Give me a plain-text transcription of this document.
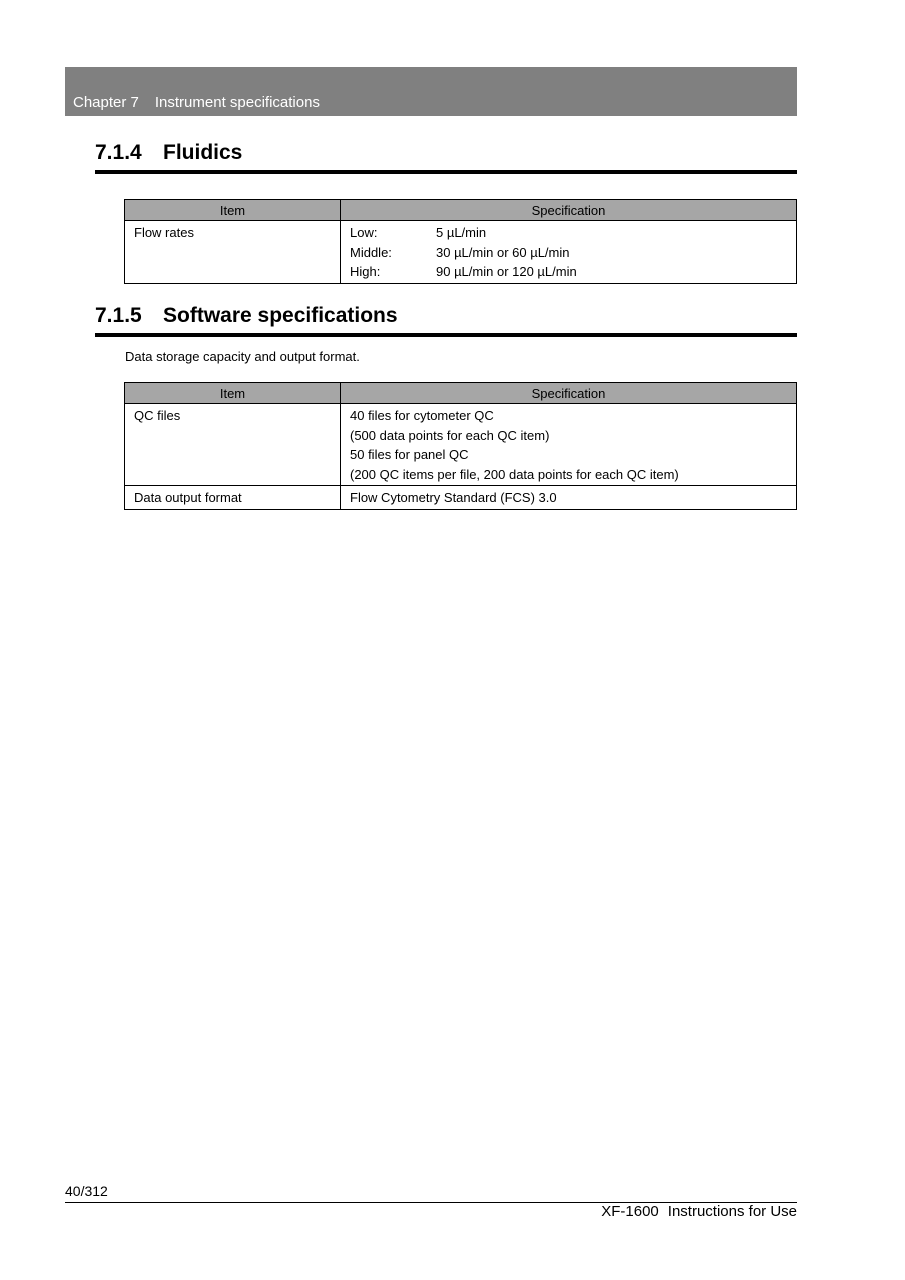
Chapter 7 Instrument specifications
7.1.4 Fluidics
Item	Specification
Flow rates	Low: 5 µL/min
Middle: 30 µL/min or 60 µL/min
High: 90 µL/min or 120 µL/min
7.1.5 Software specifications
Data storage capacity and output format.
Item	Specification
QC files	40 files for cytometer QC
(500 data points for each QC item)
50 files for panel QC
(200 QC items per file, 200 data points for each QC item)

Data output format	Flow Cytometry Standard (FCS) 3.0
40/312
XF-1600 Instructions for Use
